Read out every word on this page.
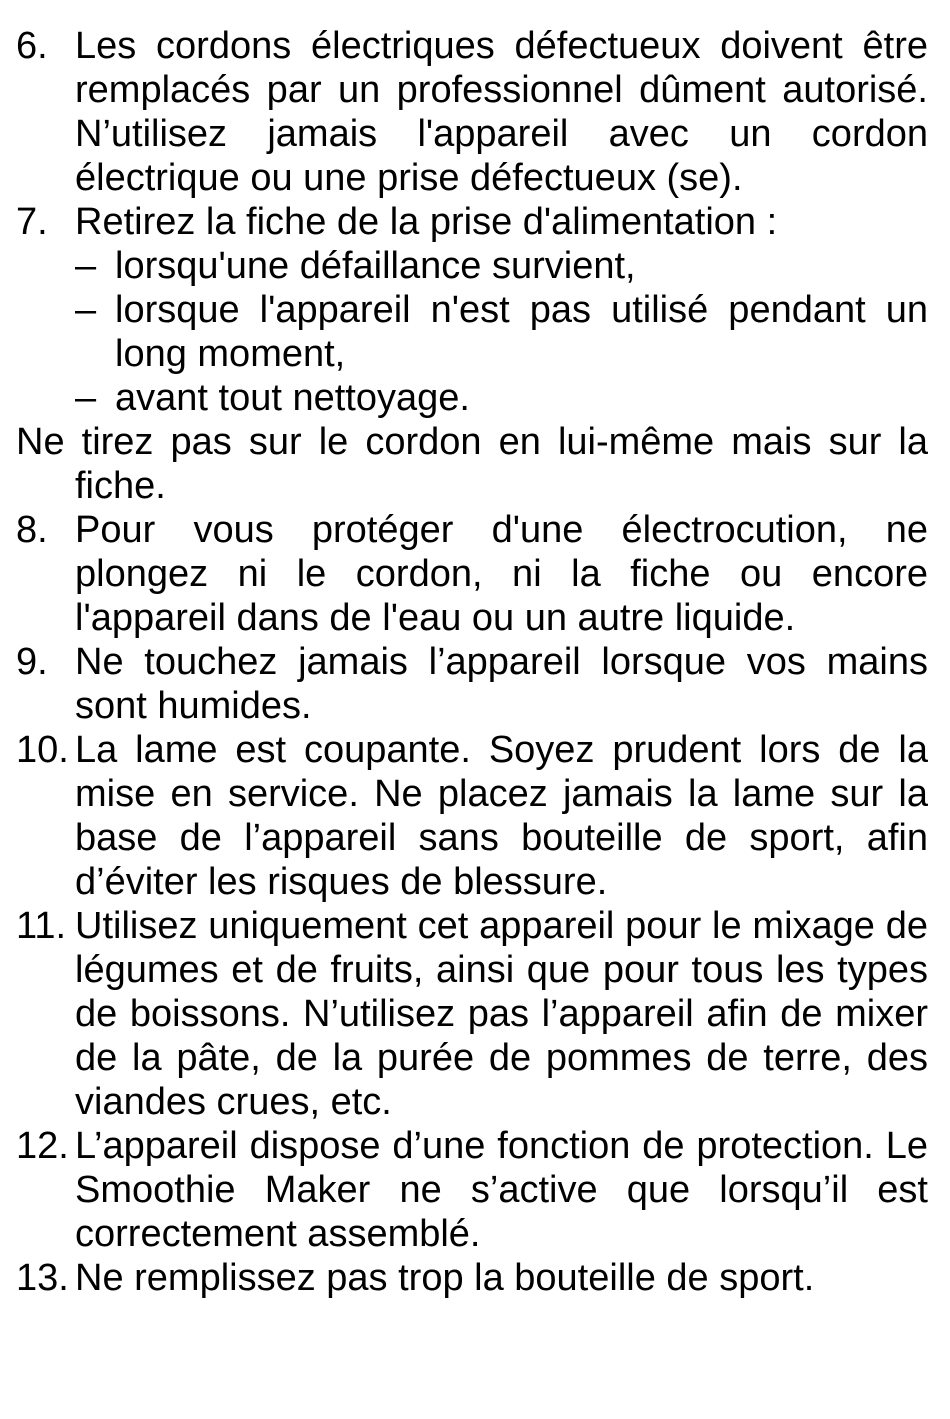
6. Les cordons électriques défectueux doivent être remplacés par un professionnel dûment autorisé. N’utilisez jamais l'appareil avec un cordon électrique ou une prise défectueux (se).
7. Retirez la fiche de la prise d'alimentation :
– lorsqu'une défaillance survient,
– lorsque l'appareil n'est pas utilisé pendant un long moment,
– avant tout nettoyage.

Ne tirez pas sur le cordon en lui-même mais sur la fiche.

8. Pour vous protéger d'une électrocution, ne plongez ni le cordon, ni la fiche ou encore l'appareil dans de l'eau ou un autre liquide.
9. Ne touchez jamais l’appareil lorsque vos mains sont humides.
10. La lame est coupante. Soyez prudent lors de la mise en service. Ne placez jamais la lame sur la base de l’appareil sans bouteille de sport, afin d’éviter les risques de blessure.
11. Utilisez uniquement cet appareil pour le mixage de légumes et de fruits, ainsi que pour tous les types de boissons. N’utilisez pas l’appareil afin de mixer de la pâte, de la purée de pommes de terre, des viandes crues, etc.
12. L’appareil dispose d’une fonction de protection. Le Smoothie Maker ne s’active que lorsqu’il est correctement assemblé.
13. Ne remplissez pas trop la bouteille de sport.
